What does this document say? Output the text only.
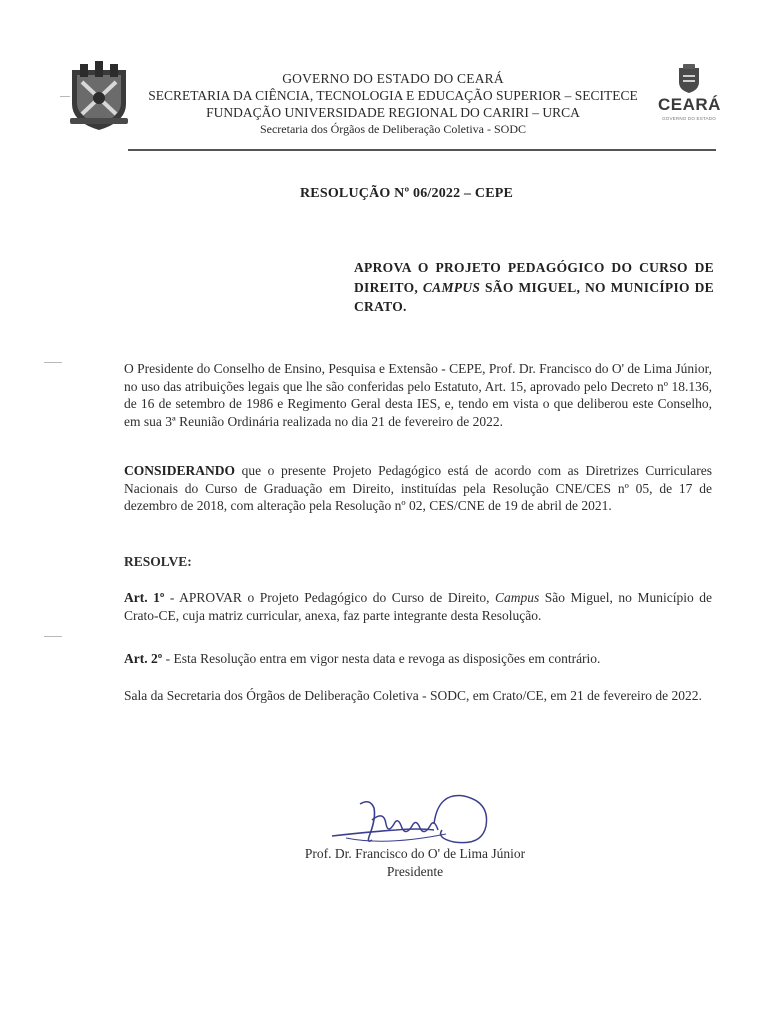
GOVERNO DO ESTADO DO CEARÁ
SECRETARIA DA CIÊNCIA, TECNOLOGIA E EDUCAÇÃO SUPERIOR – SECITECE
FUNDAÇÃO UNIVERSIDADE REGIONAL DO CARIRI – URCA
Secretaria dos Órgãos de Deliberação Coletiva - SODC
CEARÁ
GOVERNO DO ESTADO
RESOLUÇÃO Nº 06/2022 – CEPE
APROVA O PROJETO PEDAGÓGICO DO CURSO DE DIREITO, CAMPUS SÃO MIGUEL, NO MUNICÍPIO DE CRATO.
O Presidente do Conselho de Ensino, Pesquisa e Extensão - CEPE, Prof. Dr. Francisco do O' de Lima Júnior, no uso das atribuições legais que lhe são conferidas pelo Estatuto, Art. 15, aprovado pelo Decreto nº 18.136, de 16 de setembro de 1986 e Regimento Geral desta IES, e, tendo em vista o que deliberou este Conselho, em sua 3ª Reunião Ordinária realizada no dia 21 de fevereiro de 2022.
CONSIDERANDO que o presente Projeto Pedagógico está de acordo com as Diretrizes Curriculares Nacionais do Curso de Graduação em Direito, instituídas pela Resolução CNE/CES nº 05, de 17 de dezembro de 2018, com alteração pela Resolução nº 02, CES/CNE de 19 de abril de 2021.
RESOLVE:
Art. 1º - APROVAR o Projeto Pedagógico do Curso de Direito, Campus São Miguel, no Município de Crato-CE, cuja matriz curricular, anexa, faz parte integrante desta Resolução.
Art. 2º - Esta Resolução entra em vigor nesta data e revoga as disposições em contrário.
Sala da Secretaria dos Órgãos de Deliberação Coletiva - SODC, em Crato/CE, em 21 de fevereiro de 2022.
Prof. Dr. Francisco do O' de Lima Júnior
Presidente
